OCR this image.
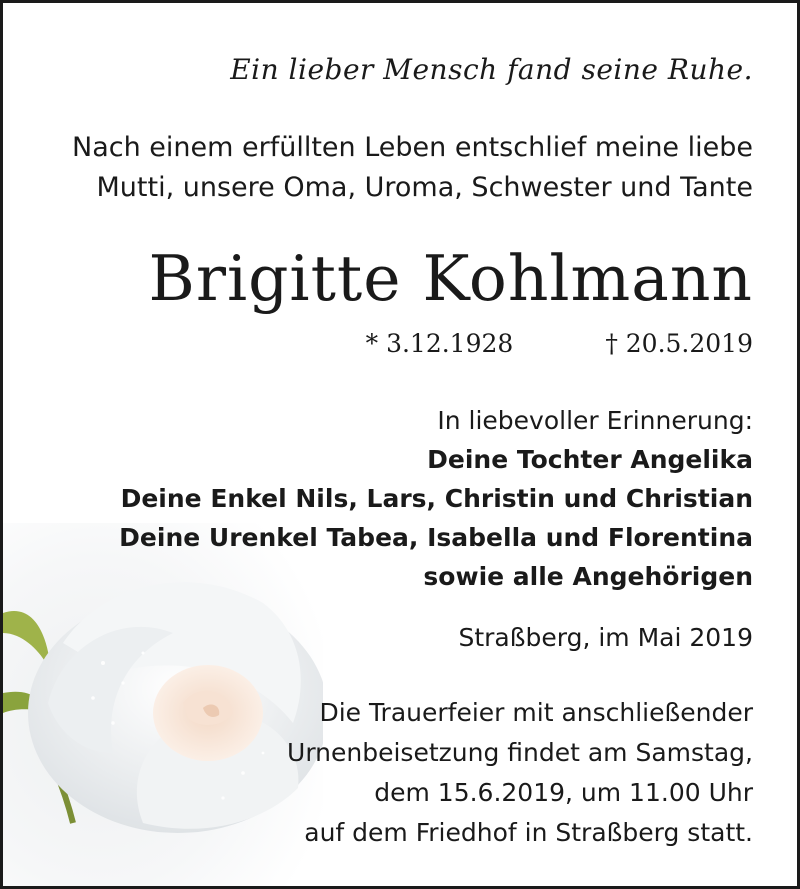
Ein lieber Mensch fand seine Ruhe.
Nach einem erfüllten Leben entschlief meine liebe
Mutti, unsere Oma, Uroma, Schwester und Tante
Brigitte Kohlmann
* 3.12.1928	† 20.5.2019
In liebevoller Erinnerung:
Deine Tochter Angelika
Deine Enkel Nils, Lars, Christin und Christian
Deine Urenkel Tabea, Isabella und Florentina
sowie alle Angehörigen
Straßberg, im Mai 2019
Die Trauerfeier mit anschließender
Urnenbeisetzung findet am Samstag,
dem 15.6.2019, um 11.00 Uhr
auf dem Friedhof in Straßberg statt.
